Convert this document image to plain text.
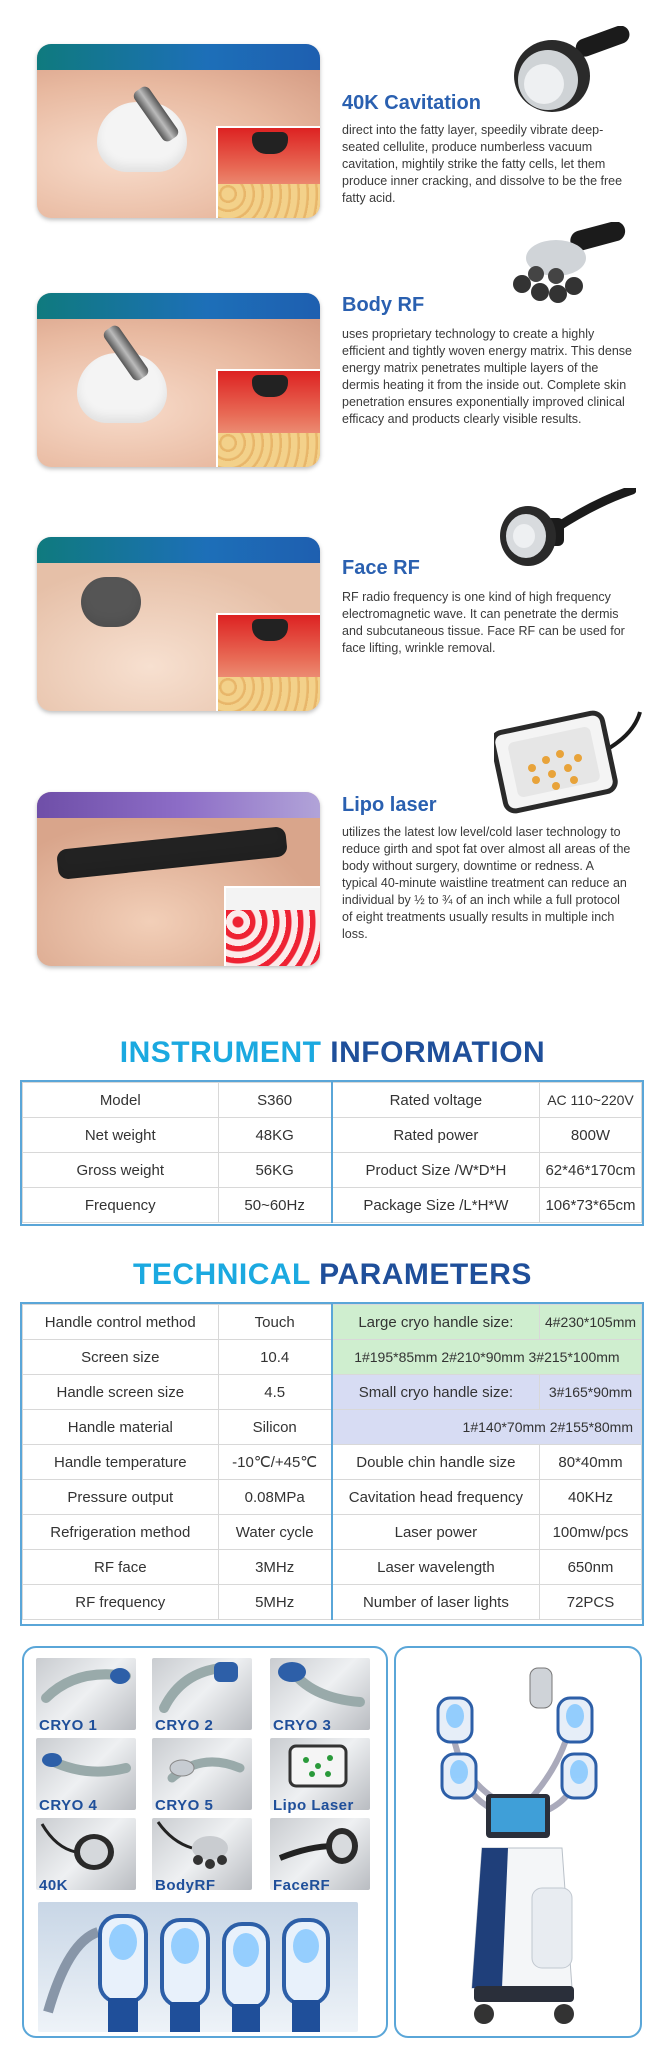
40K Cavitation
direct into the fatty layer, speedily vibrate deep-seated cellulite, produce numberless vacuum cavitation, mightily strike the fatty cells, let them produce inner cracking, and dissolve to be the free fatty acid.
Body RF
uses proprietary technology to create a highly efficient and tightly woven energy matrix. This dense energy matrix penetrates multiple layers of the dermis heating it from the inside out. Complete skin penetration ensures exponentially improved clinical efficacy and products clearly visible results.
Face RF
RF radio frequency is one kind of high frequency electromagnetic wave. It can penetrate the dermis and subcutaneous tissue. Face RF can be used for face lifting, wrinkle removal.
Lipo laser
utilizes the latest low level/cold laser technology to reduce girth and spot fat over almost all areas of the body without surgery, downtime or redness. A typical 40-minute waistline treatment can reduce an individual by ½ to ¾ of an inch while a full protocol of eight treatments usually results in multiple inch loss.
INSTRUMENT INFORMATION
Model	S360	Rated voltage	AC 110~220V
Net weight	48KG	Rated power	800W
Gross weight	56KG	Product Size /W*D*H	62*46*170cm
Frequency	50~60Hz	Package Size /L*H*W	106*73*65cm
TECHNICAL PARAMETERS
Handle control method	Touch	Large cryo handle size:	4#230*105mm
Screen size	10.4	1#195*85mm 2#210*90mm 3#215*100mm	
Handle screen size	4.5	Small cryo handle size:	3#165*90mm
Handle material	Silicon	1#140*70mm 2#155*80mm	
Handle temperature	-10℃/+45℃	Double chin handle size	80*40mm
Pressure output	0.08MPa	Cavitation head frequency	40KHz
Refrigeration method	Water cycle	Laser power	100mw/pcs
RF face	3MHz	Laser wavelength	650nm
RF frequency	5MHz	Number of laser lights	72PCS
CRYO 1	CRYO 2	CRYO 3
CRYO 4	CRYO 5	Lipo Laser
40K	BodyRF	FaceRF
